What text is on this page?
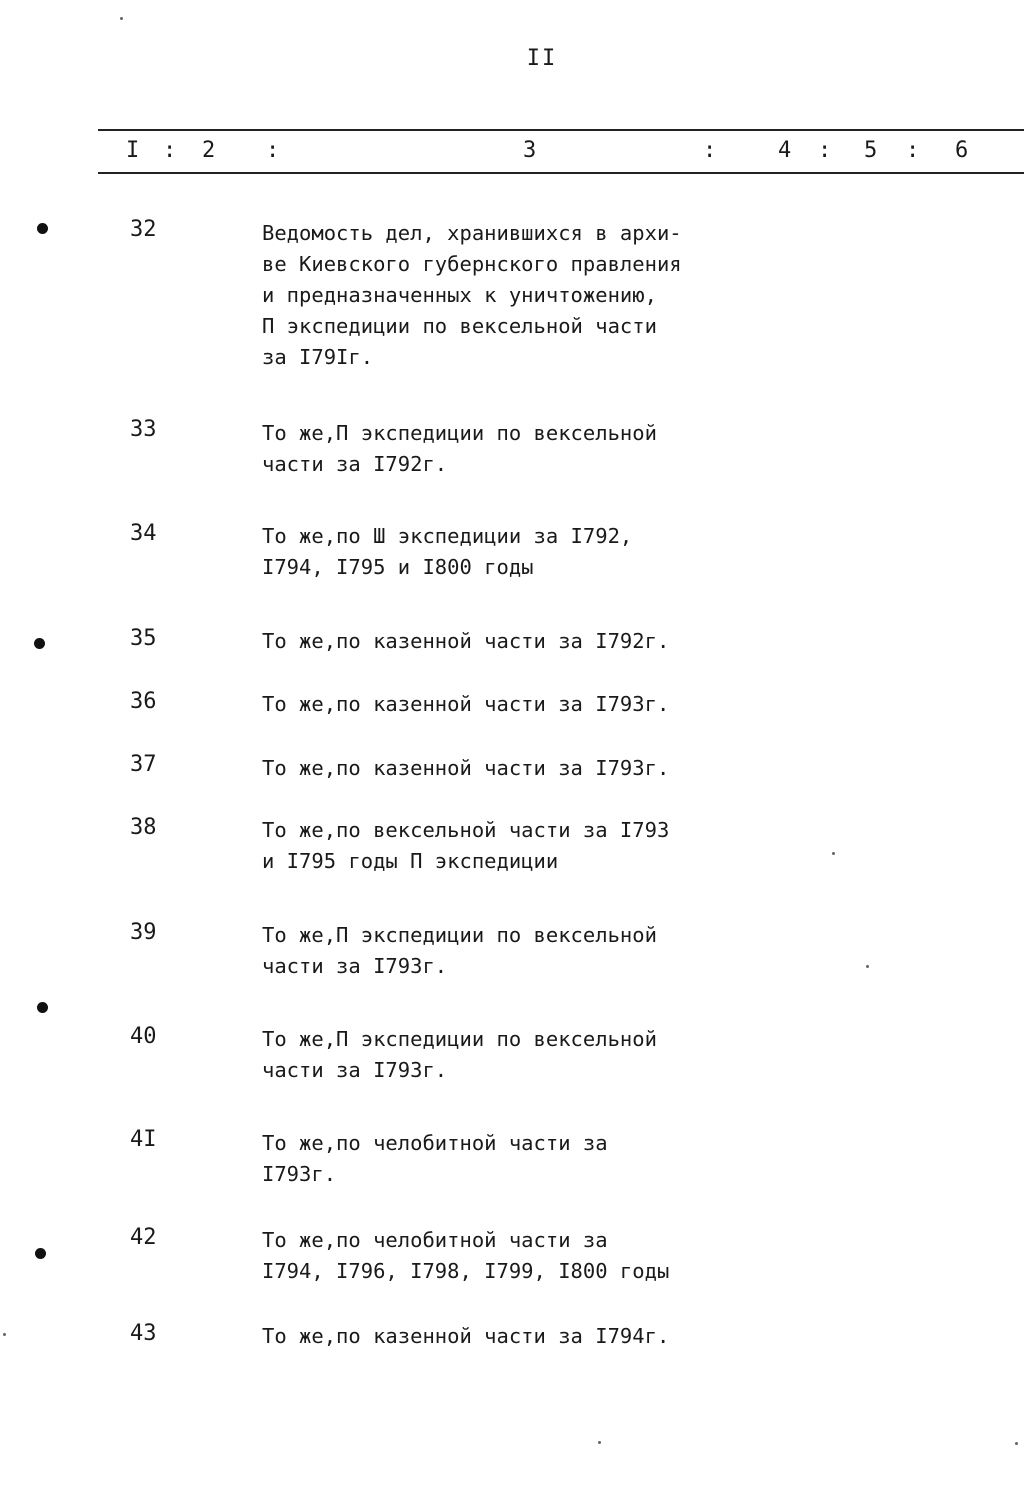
II
I : 2 :	3	:	4 : 5 : 6
32	Ведомость дел, хранившихся в архи-
ве Киевского губернского правления
и предназначенных к уничтожению,
П экспедиции по вексельной части
за I79Iг.
33	То же,П экспедиции по вексельной
части за I792г.
34	То же,по Ш экспедиции за I792,
I794, I795 и I800 годы
35	То же,по казенной части за I792г.
36	То же,по казенной части за I793г.
37	То же,по казенной части за I793г.
38	То же,по вексельной части за I793
и I795 годы П экспедиции
39	То же,П экспедиции по вексельной
части за I793г.
40	То же,П экспедиции по вексельной
части за I793г.
4I	То же,по челобитной части за
I793г.
42	То же,по челобитной части за
I794, I796, I798, I799, I800 годы
43	То же,по казенной части за I794г.
